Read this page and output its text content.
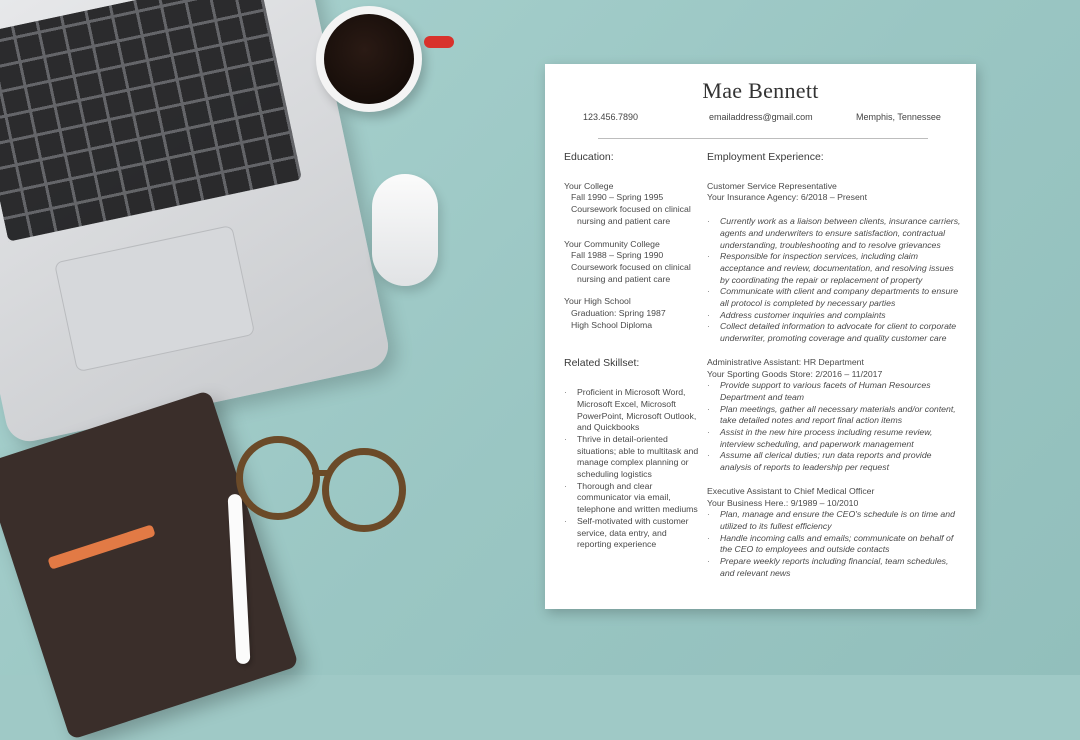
Mae Bennett
123.456.7890	emailaddress@gmail.com	Memphis, Tennessee
Education:
Your College
Fall 1990 – Spring 1995
Coursework focused on clinical
nursing and patient care
Your Community College
Fall 1988 – Spring 1990
Coursework focused on clinical
nursing and patient care
Your High School
Graduation: Spring 1987
High School Diploma
Related Skillset:
· Proficient in Microsoft Word, Microsoft Excel, Microsoft PowerPoint, Microsoft Outlook, and Quickbooks
· Thrive in detail-oriented situations; able to multitask and manage complex planning or scheduling logistics
· Thorough and clear communicator via email, telephone and written mediums
· Self-motivated with customer service, data entry, and reporting experience
Employment Experience:
Customer Service Representative
Your Insurance Agency: 6/2018 – Present
· Currently work as a liaison between clients, insurance carriers, agents and underwriters to ensure satisfaction, contractual understanding, troubleshooting and to resolve grievances
· Responsible for inspection services, including claim acceptance and review, documentation, and resolving issues by coordinating the repair or replacement of property
· Communicate with client and company departments to ensure all protocol is completed by necessary parties
· Address customer inquiries and complaints
· Collect detailed information to advocate for client to corporate underwriter, promoting coverage and quality customer care
Administrative Assistant: HR Department
Your Sporting Goods Store: 2/2016 – 11/2017
· Provide support to various facets of Human Resources Department and team
· Plan meetings, gather all necessary materials and/or content, take detailed notes and report final action items
· Assist in the new hire process including resume review, interview scheduling, and paperwork management
· Assume all clerical duties; run data reports and provide analysis of reports to leadership per request
Executive Assistant to Chief Medical Officer
Your Business Here.: 9/1989 – 10/2010
· Plan, manage and ensure the CEO's schedule is on time and utilized to its fullest efficiency
· Handle incoming calls and emails; communicate on behalf of the CEO to employees and outside contacts
· Prepare weekly reports including financial, team schedules, and relevant news
